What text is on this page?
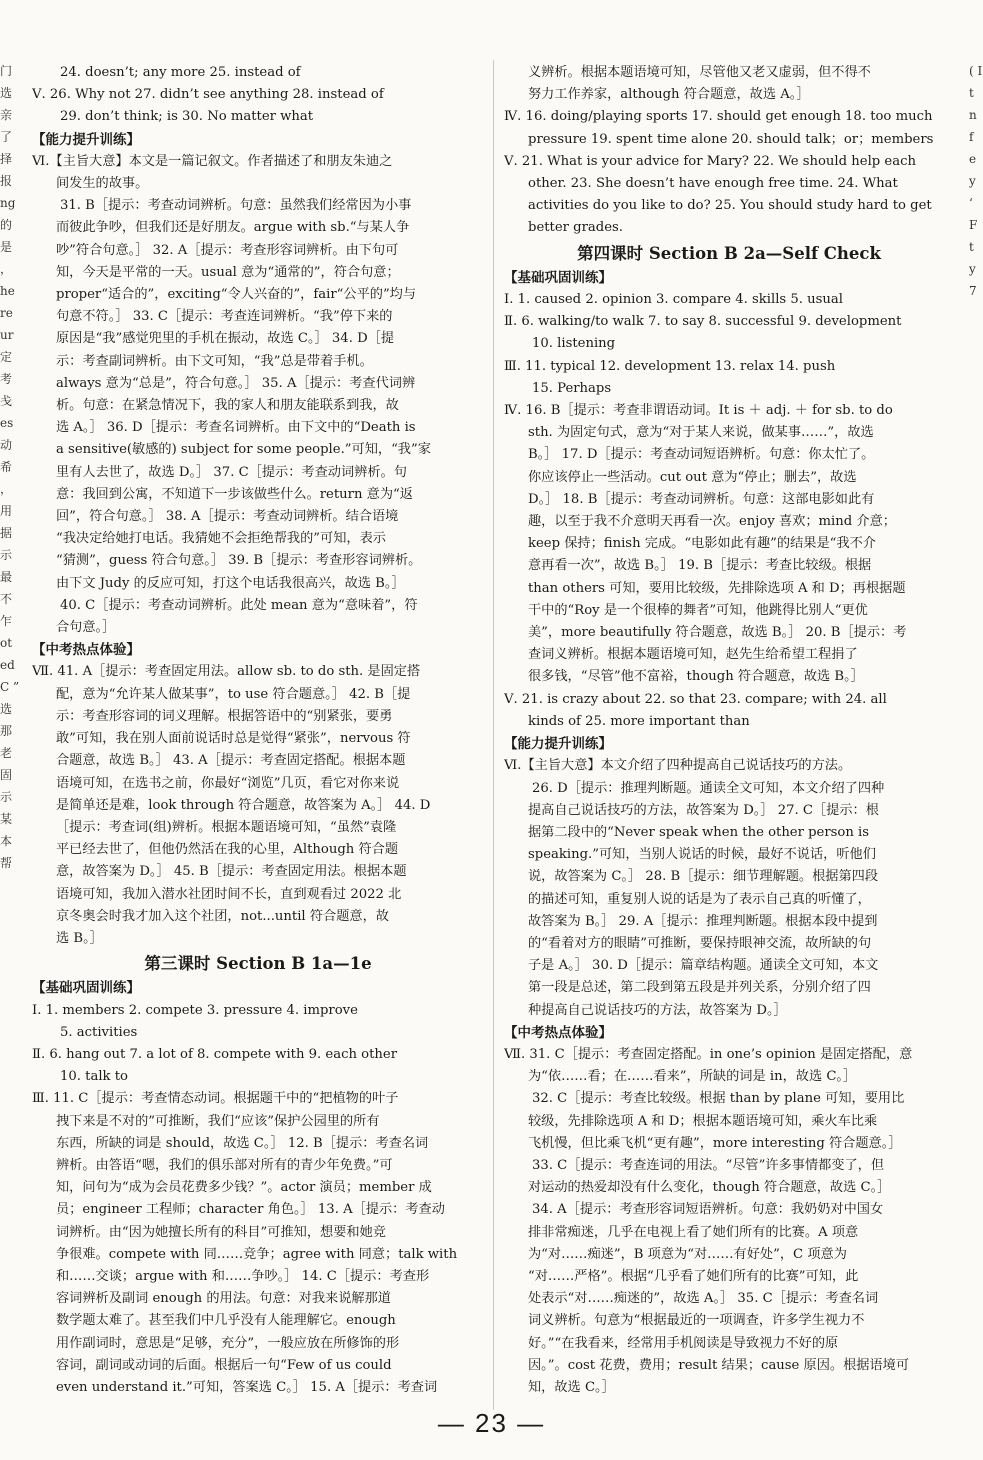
门 选 亲 了 择 报 ng 的 是 ， he re ur 定 考 戋 es 动 希 ， 用 据 示 最 不 乍 ot ed C ” 选 那 老 固 示 某 本 帮
( I t n f e y ‘ F t y 7
24. doesn’t; any more 25. instead of
Ⅴ. 26. Why not 27. didn’t see anything 28. instead of
29. don’t think; is 30. No matter what
【能力提升训练】
Ⅵ.【主旨大意】本文是一篇记叙文。作者描述了和朋友朱迪之
间发生的故事。
31. B［提示：考查动词辨析。句意：虽然我们经常因为小事
而彼此争吵，但我们还是好朋友。argue with sb.“与某人争
吵”符合句意。］ 32. A［提示：考查形容词辨析。由下句可
知，今天是平常的一天。usual 意为“通常的”，符合句意；
proper“适合的”，exciting“令人兴奋的”，fair“公平的”均与
句意不符。］ 33. C［提示：考查连词辨析。“我”停下来的
原因是“我”感觉兜里的手机在振动，故选 C。］ 34. D［提
示：考查副词辨析。由下文可知，“我”总是带着手机。
always 意为“总是”，符合句意。］ 35. A［提示：考查代词辨
析。句意：在紧急情况下，我的家人和朋友能联系到我，故
选 A。］ 36. D［提示：考查名词辨析。由下文中的“Death is
a sensitive(敏感的) subject for some people.”可知，“我”家
里有人去世了，故选 D。］ 37. C［提示：考查动词辨析。句
意：我回到公寓，不知道下一步该做些什么。return 意为“返
回”，符合句意。］ 38. A［提示：考查动词辨析。结合语境
“我决定给她打电话。我猜她不会拒绝帮我的”可知，表示
“猜测”，guess 符合句意。］ 39. B［提示：考查形容词辨析。
由下文 Judy 的反应可知，打这个电话我很高兴，故选 B。］
40. C［提示：考查动词辨析。此处 mean 意为“意味着”，符
合句意。］
【中考热点体验】
Ⅶ. 41. A［提示：考查固定用法。allow sb. to do sth. 是固定搭
配，意为“允许某人做某事”，to use 符合题意。］ 42. B［提
示：考查形容词的词义理解。根据答语中的“别紧张，要勇
敢”可知，我在别人面前说话时总是觉得“紧张”，nervous 符
合题意，故选 B。］ 43. A［提示：考查固定搭配。根据本题
语境可知，在选书之前，你最好“浏览”几页，看它对你来说
是简单还是难，look through 符合题意，故答案为 A。］ 44. D
［提示：考查词(组)辨析。根据本题语境可知，“虽然”袁隆
平已经去世了，但他仍然活在我的心里，Although 符合题
意，故答案为 D。］ 45. B［提示：考查固定用法。根据本题
语境可知，我加入潜水社团时间不长，直到观看过 2022 北
京冬奥会时我才加入这个社团，not...until 符合题意，故
选 B。］
第三课时 Section B 1a—1e
【基础巩固训练】
Ⅰ. 1. members 2. compete 3. pressure 4. improve
5. activities
Ⅱ. 6. hang out 7. a lot of 8. compete with 9. each other
10. talk to
Ⅲ. 11. C［提示：考查情态动词。根据题干中的“把植物的叶子
拽下来是不对的”可推断，我们“应该”保护公园里的所有
东西，所缺的词是 should，故选 C。］ 12. B［提示：考查名词
辨析。由答语“嗯，我们的俱乐部对所有的青少年免费。”可
知，问句为“成为会员花费多少钱？”。actor 演员；member 成
员；engineer 工程师；character 角色。］ 13. A［提示：考查动
词辨析。由“因为她擅长所有的科目”可推知，想要和她竞
争很难。compete with 同……竞争；agree with 同意；talk with
和……交谈；argue with 和……争吵。］ 14. C［提示：考查形
容词辨析及副词 enough 的用法。句意：对我来说解那道
数学题太难了。甚至我们中几乎没有人能理解它。enough
用作副词时，意思是“足够，充分”，一般应放在所修饰的形
容词，副词或动词的后面。根据后一句“Few of us could
even understand it.”可知，答案选 C。］ 15. A［提示：考查词
义辨析。根据本题语境可知，尽管他又老又虚弱，但不得不
努力工作养家，although 符合题意，故选 A。］
Ⅳ. 16. doing/playing sports 17. should get enough 18. too much
pressure 19. spent time alone 20. should talk；or；members
Ⅴ. 21. What is your advice for Mary? 22. We should help each
other. 23. She doesn’t have enough free time. 24. What
activities do you like to do? 25. You should study hard to get
better grades.
第四课时 Section B 2a—Self Check
【基础巩固训练】
Ⅰ. 1. caused 2. opinion 3. compare 4. skills 5. usual
Ⅱ. 6. walking/to walk 7. to say 8. successful 9. development
10. listening
Ⅲ. 11. typical 12. development 13. relax 14. push
15. Perhaps
Ⅳ. 16. B［提示：考查非谓语动词。It is ＋ adj. ＋ for sb. to do
sth. 为固定句式，意为“对于某人来说，做某事……”，故选
B。］ 17. D［提示：考查动词短语辨析。句意：你太忙了。
你应该停止一些活动。cut out 意为“停止；删去”，故选
D。］ 18. B［提示：考查动词辨析。句意：这部电影如此有
趣，以至于我不介意明天再看一次。enjoy 喜欢；mind 介意；
keep 保持；finish 完成。“电影如此有趣”的结果是“我不介
意再看一次”，故选 B。］ 19. B［提示：考查比较级。根据
than others 可知，要用比较级，先排除选项 A 和 D；再根据题
干中的“Roy 是一个很棒的舞者”可知，他跳得比别人“更优
美”，more beautifully 符合题意，故选 B。］ 20. B［提示：考
查词义辨析。根据本题语境可知，赵先生给希望工程捐了
很多钱，“尽管”他不富裕，though 符合题意，故选 B。］
Ⅴ. 21. is crazy about 22. so that 23. compare; with 24. all
kinds of 25. more important than
【能力提升训练】
Ⅵ.【主旨大意】本文介绍了四种提高自己说话技巧的方法。
26. D［提示：推理判断题。通读全文可知，本文介绍了四种
提高自己说话技巧的方法，故答案为 D。］ 27. C［提示：根
据第二段中的“Never speak when the other person is
speaking.”可知，当别人说话的时候，最好不说话，听他们
说，故答案为 C。］ 28. B［提示：细节理解题。根据第四段
的描述可知，重复别人说的话是为了表示自己真的听懂了，
故答案为 B。］ 29. A［提示：推理判断题。根据本段中提到
的“看着对方的眼睛”可推断，要保持眼神交流，故所缺的句
子是 A。］ 30. D［提示：篇章结构题。通读全文可知，本文
第一段是总述，第二段到第五段是并列关系，分别介绍了四
种提高自己说话技巧的方法，故答案为 D。］
【中考热点体验】
Ⅶ. 31. C［提示：考查固定搭配。in one’s opinion 是固定搭配，意
为“依……看；在……看来”，所缺的词是 in，故选 C。］
32. C［提示：考查比较级。根据 than by plane 可知，要用比
较级，先排除选项 A 和 D；根据本题语境可知，乘火车比乘
飞机慢，但比乘飞机“更有趣”，more interesting 符合题意。］
33. C［提示：考查连词的用法。“尽管”许多事情都变了，但
对运动的热爱却没有什么变化，though 符合题意，故选 C。］
34. A［提示：考查形容词短语辨析。句意：我奶奶对中国女
排非常痴迷，几乎在电视上看了她们所有的比赛。A 项意
为“对……痴迷”，B 项意为“对……有好处”，C 项意为
“对……严格”。根据“几乎看了她们所有的比赛”可知，此
处表示“对……痴迷的”，故选 A。］ 35. C［提示：考查名词
词义辨析。句意为“根据最近的一项调查，许多学生视力不
好。”“在我看来，经常用手机阅读是导致视力不好的原
因。”。cost 花费，费用；result 结果；cause 原因。根据语境可
知，故选 C。］
— 23 —
